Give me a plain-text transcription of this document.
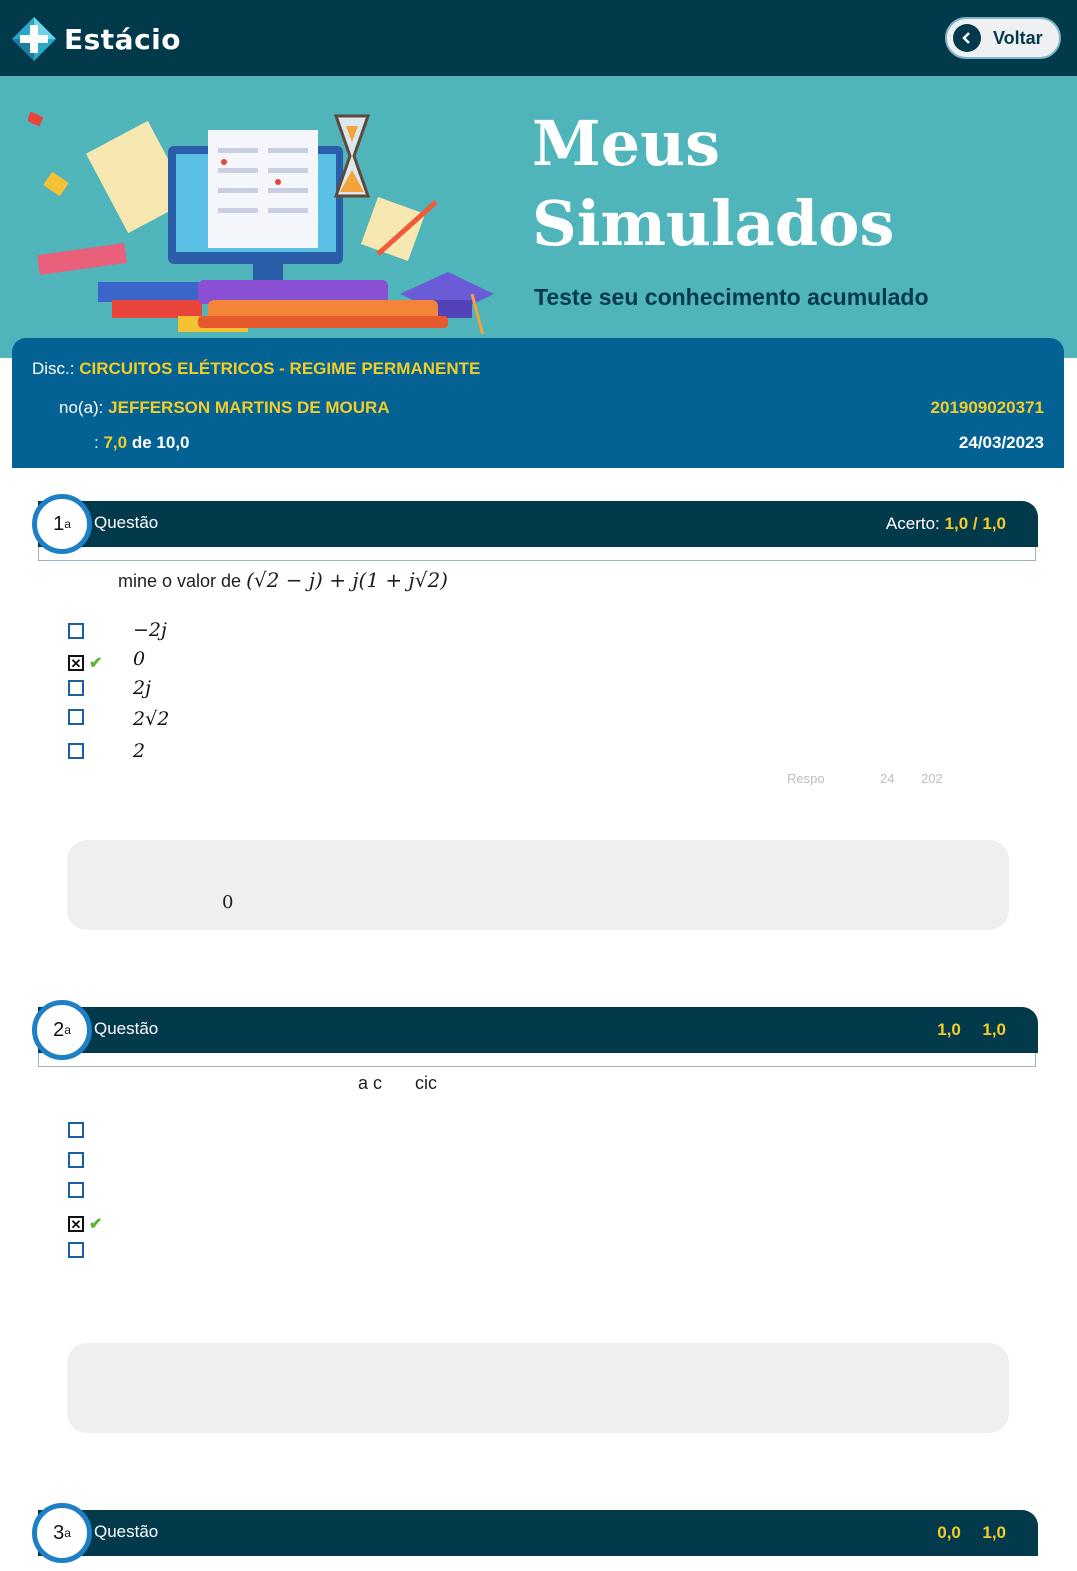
Estácio	Voltar
Meus
Simulados
Teste seu conhecimento acumulado
Disc.: CIRCUITOS ELÉTRICOS - REGIME PERMANENTE
no(a): JEFFERSON MARTINS DE MOURA	201909020371
: 7,0 de 10,0	24/03/2023
Questão	Acerto: 1,0 / 1,0
1 a
mine o valor de (√2 − j) + j(1 + j√2)
−2j
✕ ✔ 0
2j
2√2
2
Respo	24 202
0
Questão	1,0 1,0
2 a
a c cic
✕ ✔
Questão	0,0 1,0
3 a
